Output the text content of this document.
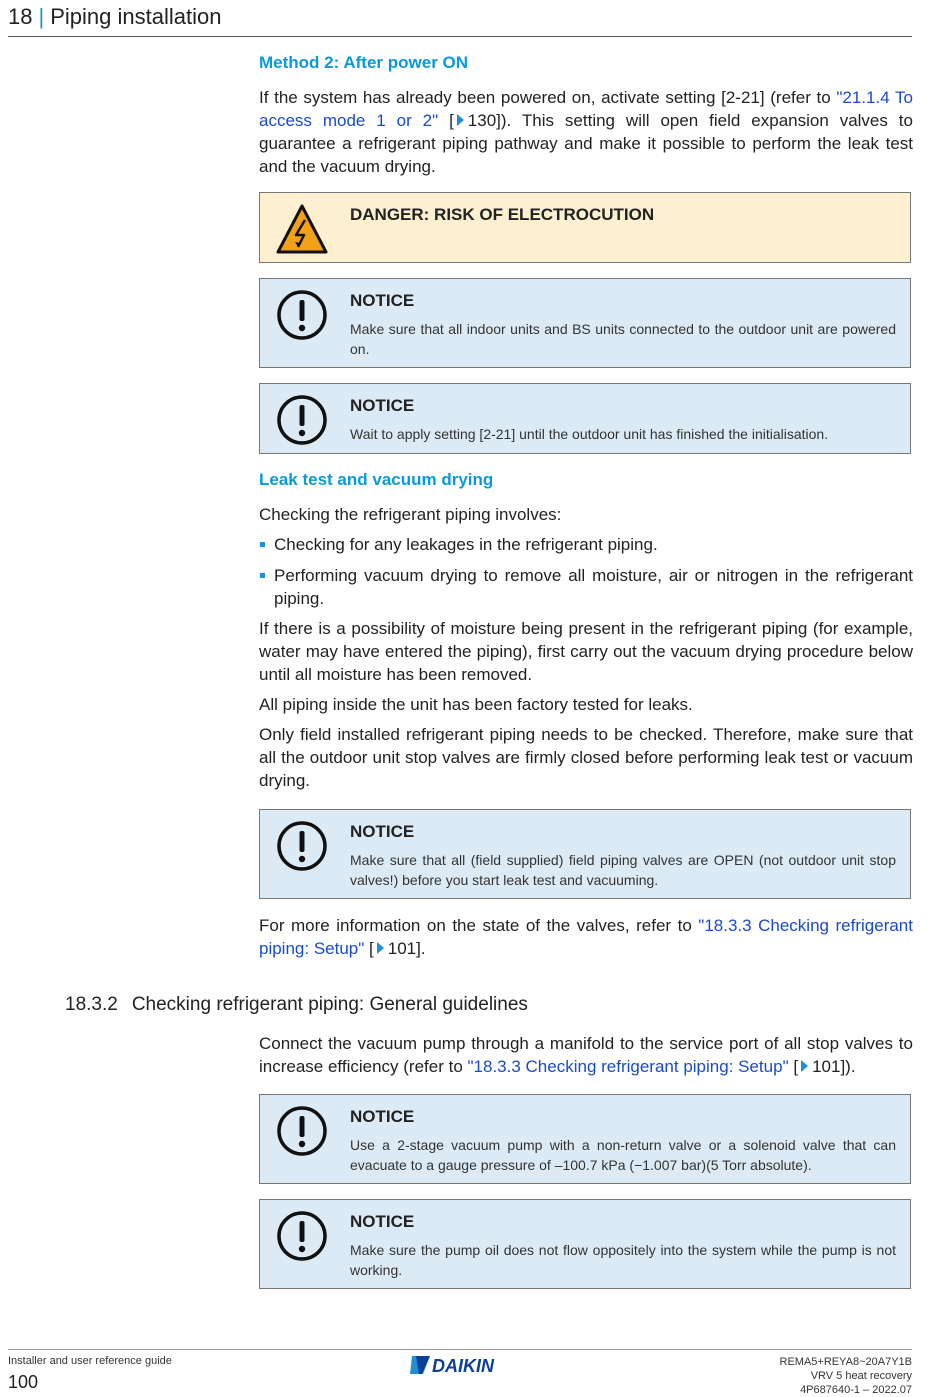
18 | Piping installation
Method 2: After power ON

If the system has already been powered on, activate setting [2-21] (refer to "21.1.4 To access mode 1 or 2" [ 130]). This setting will open field expansion valves to guarantee a refrigerant piping pathway and make it possible to perform the leak test and the vacuum drying.

DANGER: RISK OF ELECTROCUTION
NOTICE
Make sure that all indoor units and BS units connected to the outdoor unit are powered on.
NOTICE
Wait to apply setting [2-21] until the outdoor unit has finished the initialisation.
Leak test and vacuum drying

Checking the refrigerant piping involves:

Checking for any leakages in the refrigerant piping.
Performing vacuum drying to remove all moisture, air or nitrogen in the refrigerant piping.

If there is a possibility of moisture being present in the refrigerant piping (for example, water may have entered the piping), first carry out the vacuum drying procedure below until all moisture has been removed.

All piping inside the unit has been factory tested for leaks.

Only field installed refrigerant piping needs to be checked. Therefore, make sure that all the outdoor unit stop valves are firmly closed before performing leak test or vacuum drying.

NOTICE
Make sure that all (field supplied) field piping valves are OPEN (not outdoor unit stop valves!) before you start leak test and vacuuming.

For more information on the state of the valves, refer to "18.3.3 Checking refrigerant piping: Setup" [ 101].

18.3.2 Checking refrigerant piping: General guidelines

Connect the vacuum pump through a manifold to the service port of all stop valves to increase efficiency (refer to "18.3.3 Checking refrigerant piping: Setup" [ 101]).

NOTICE
Use a 2-stage vacuum pump with a non-return valve or a solenoid valve that can evacuate to a gauge pressure of –100.7 kPa (−1.007 bar)(5 Torr absolute).
NOTICE
Make sure the pump oil does not flow oppositely into the system while the pump is not working.
Installer and user reference guide
100
DAIKIN	REMA5+REYA8~20A7Y1B
VRV 5 heat recovery
4P687640-1 – 2022.07
